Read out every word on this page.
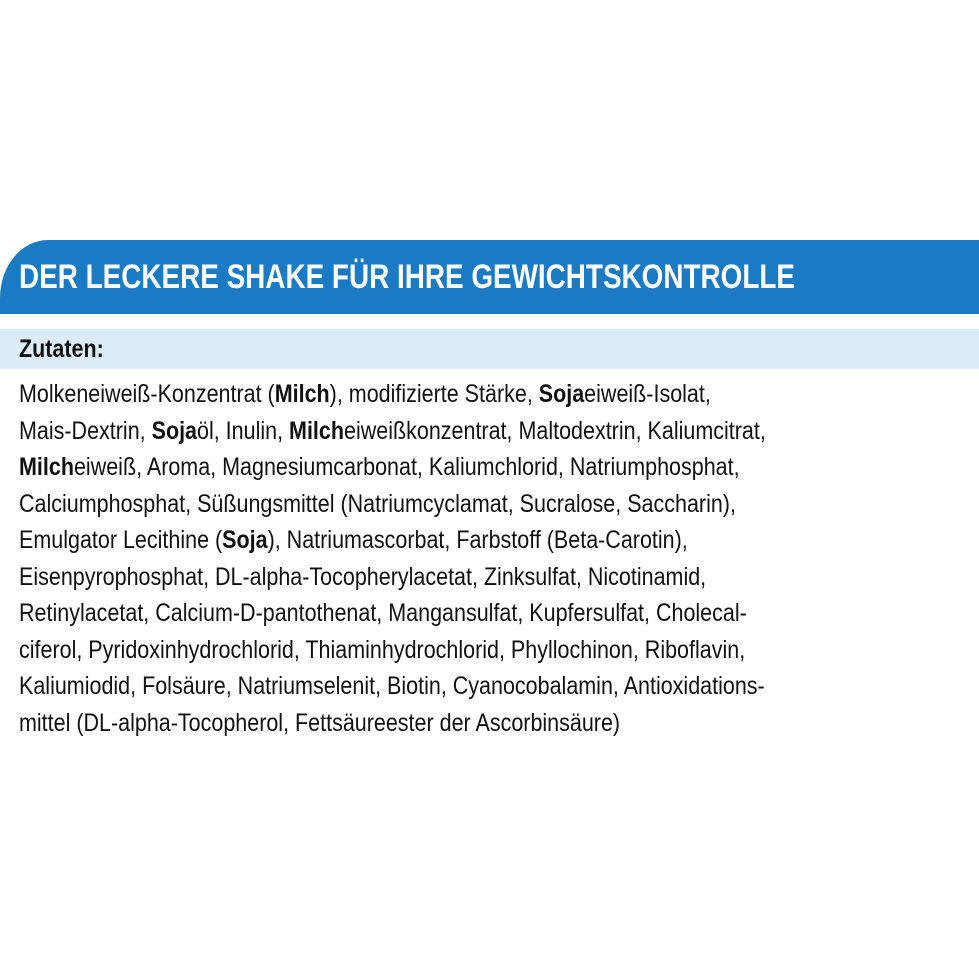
DER LECKERE SHAKE FÜR IHRE GEWICHTSKONTROLLE
Zutaten:
Molkeneiweiß-Konzentrat (Milch), modifizierte Stärke, Sojaeiweiß-Isolat,
Mais-Dextrin, Sojaöl, Inulin, Milcheiweißkonzentrat, Maltodextrin, Kaliumcitrat,
Milcheiweiß, Aroma, Magnesiumcarbonat, Kaliumchlorid, Natriumphosphat,
Calciumphosphat, Süßungsmittel (Natriumcyclamat, Sucralose, Saccharin),
Emulgator Lecithine (Soja), Natriumascorbat, Farbstoff (Beta-Carotin),
Eisenpyrophosphat, DL-alpha-Tocopherylacetat, Zinksulfat, Nicotinamid,
Retinylacetat, Calcium-D-pantothenat, Mangansulfat, Kupfersulfat, Cholecal-
ciferol, Pyridoxinhydrochlorid, Thiaminhydrochlorid, Phyllochinon, Riboflavin,
Kaliumiodid, Folsäure, Natriumselenit, Biotin, Cyanocobalamin, Antioxidations-
mittel (DL-alpha-Tocopherol, Fettsäureester der Ascorbinsäure)
